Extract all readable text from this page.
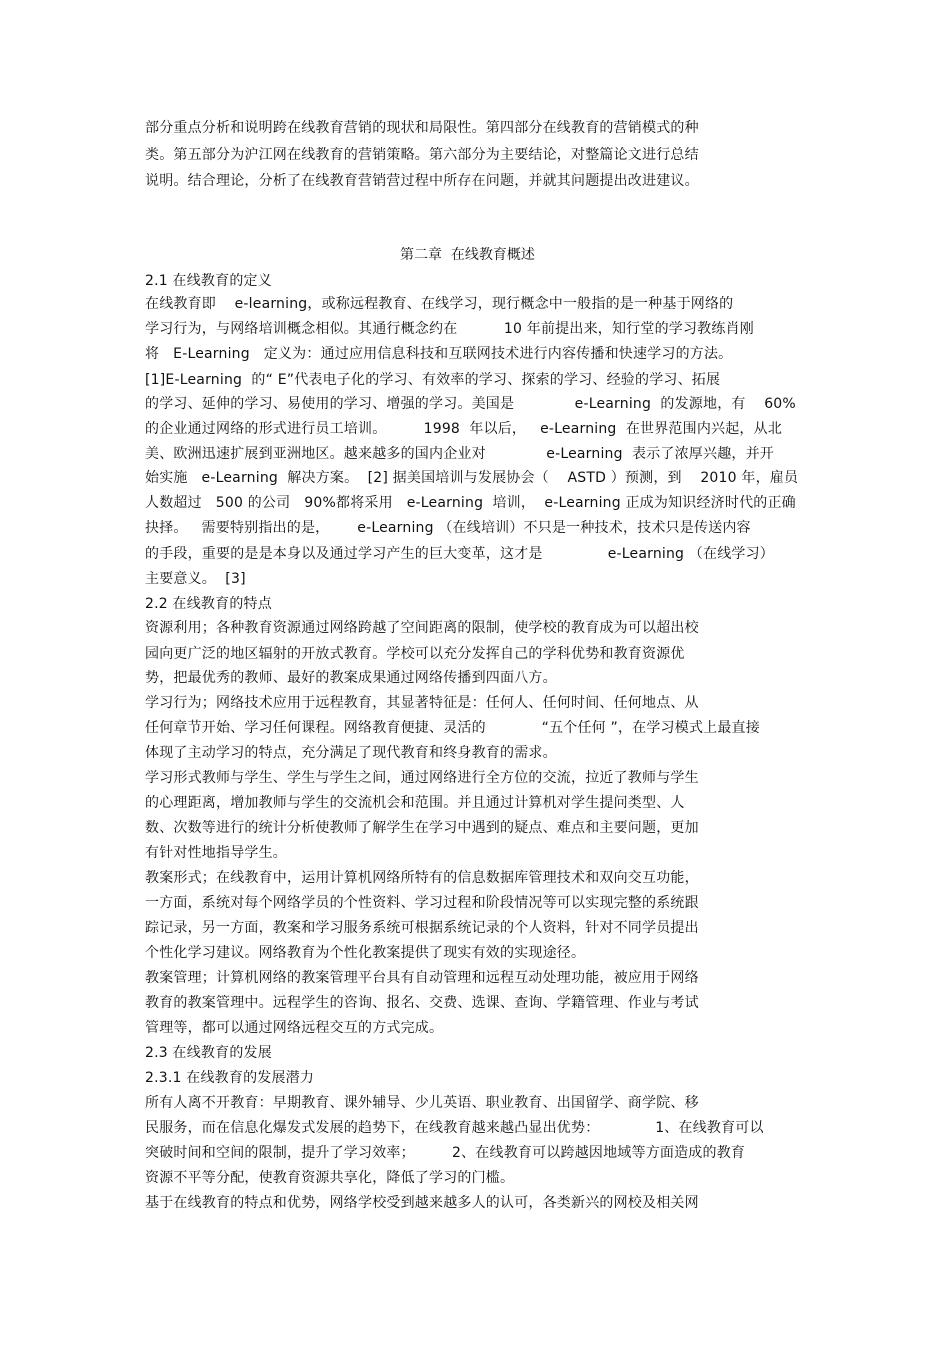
部分重点分析和说明跨在线教育营销的现状和局限性。第四部分在线教育的营销模式的种
类。第五部分为沪江网在线教育的营销策略。第六部分为主要结论，对整篇论文进行总结
说明。结合理论，分析了在线教育营销营过程中所存在问题，并就其问题提出改进建议。
第二章  在线教育概述
2.1 在线教育的定义
在线教育即    e-learning，或称远程教育、在线学习，现行概念中一般指的是一种基于网络的
学习行为，与网络培训概念相似。其通行概念约在          10 年前提出来，知行堂的学习教练肖刚
将   E-Learning   定义为：通过应用信息科技和互联网技术进行内容传播和快速学习的方法。
[1]E-Learning  的“ E”代表电子化的学习、有效率的学习、探索的学习、经验的学习、拓展
的学习、延伸的学习、易使用的学习、增强的学习。美国是             e-Learning  的发源地，有    60%
的企业通过网络的形式进行员工培训。        1998  年以后，   e-Learning  在世界范围内兴起，从北
美、欧洲迅速扩展到亚洲地区。越来越多的国内企业对             e-Learning  表示了浓厚兴趣，并开
始实施   e-Learning  解决方案。  [2] 据美国培训与发展协会（    ASTD ）预测，到    2010 年，雇员
人数超过   500 的公司   90%都将采用   e-Learning  培训，  e-Learning 正成为知识经济时代的正确
抉择。   需要特别指出的是，      e-Learning （在线培训）不只是一种技术，技术只是传送内容
的手段，重要的是是本身以及通过学习产生的巨大变革，这才是              e-Learning （在线学习）
主要意义。  [3]
2.2 在线教育的特点
资源利用；各种教育资源通过网络跨越了空间距离的限制，使学校的教育成为可以超出校
园向更广泛的地区辐射的开放式教育。学校可以充分发挥自己的学科优势和教育资源优
势，把最优秀的教师、最好的教案成果通过网络传播到四面八方。
学习行为；网络技术应用于远程教育，其显著特征是：任何人、任何时间、任何地点、从
任何章节开始、学习任何课程。网络教育便捷、灵活的            “五个任何 ”，在学习模式上最直接
体现了主动学习的特点，充分满足了现代教育和终身教育的需求。
学习形式教师与学生、学生与学生之间，通过网络进行全方位的交流，拉近了教师与学生
的心理距离，增加教师与学生的交流机会和范围。并且通过计算机对学生提问类型、人
数、次数等进行的统计分析使教师了解学生在学习中遇到的疑点、难点和主要问题，更加
有针对性地指导学生。
教案形式；在线教育中，运用计算机网络所特有的信息数据库管理技术和双向交互功能，
一方面，系统对每个网络学员的个性资料、学习过程和阶段情况等可以实现完整的系统跟
踪记录，另一方面，教案和学习服务系统可根据系统记录的个人资料，针对不同学员提出
个性化学习建议。网络教育为个性化教案提供了现实有效的实现途径。
教案管理；计算机网络的教案管理平台具有自动管理和远程互动处理功能，被应用于网络
教育的教案管理中。远程学生的咨询、报名、交费、选课、查询、学籍管理、作业与考试
管理等，都可以通过网络远程交互的方式完成。
2.3 在线教育的发展
2.3.1 在线教育的发展潜力
所有人离不开教育：早期教育、课外辅导、少儿英语、职业教育、出国留学、商学院、移
民服务，而在信息化爆发式发展的趋势下，在线教育越来越凸显出优势：            1、在线教育可以
突破时间和空间的限制，提升了学习效率；        2、在线教育可以跨越因地域等方面造成的教育
资源不平等分配，使教育资源共享化，降低了学习的门槛。
基于在线教育的特点和优势，网络学校受到越来越多人的认可，各类新兴的网校及相关网
